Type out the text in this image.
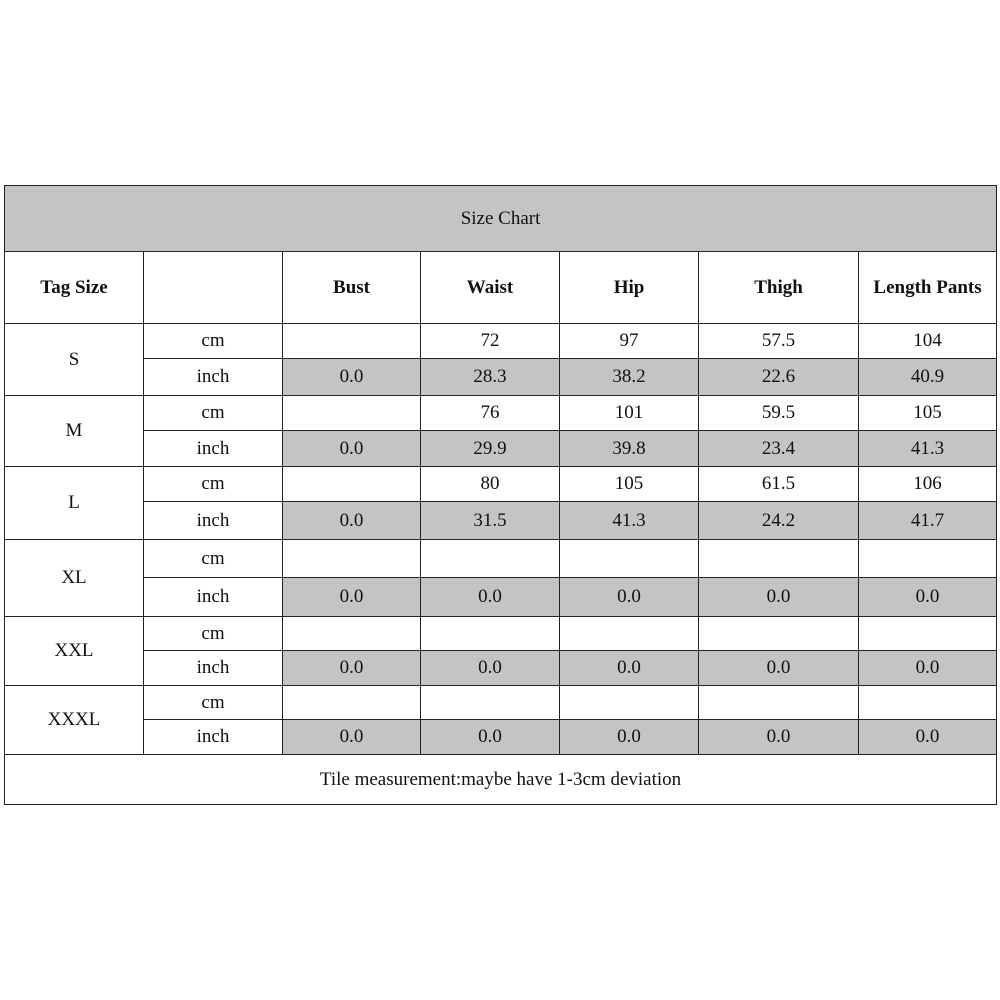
Size Chart						
Tag Size		Bust	Waist	Hip	Thigh	Length Pants
S	cm		72	97	57.5	104
	inch	0.0	28.3	38.2	22.6	40.9
M	cm		76	101	59.5	105
	inch	0.0	29.9	39.8	23.4	41.3
L	cm		80	105	61.5	106
	inch	0.0	31.5	41.3	24.2	41.7
XL	cm					
	inch	0.0	0.0	0.0	0.0	0.0
XXL	cm					
	inch	0.0	0.0	0.0	0.0	0.0
XXXL	cm					
	inch	0.0	0.0	0.0	0.0	0.0
Tile measurement:maybe have 1-3cm deviation						
